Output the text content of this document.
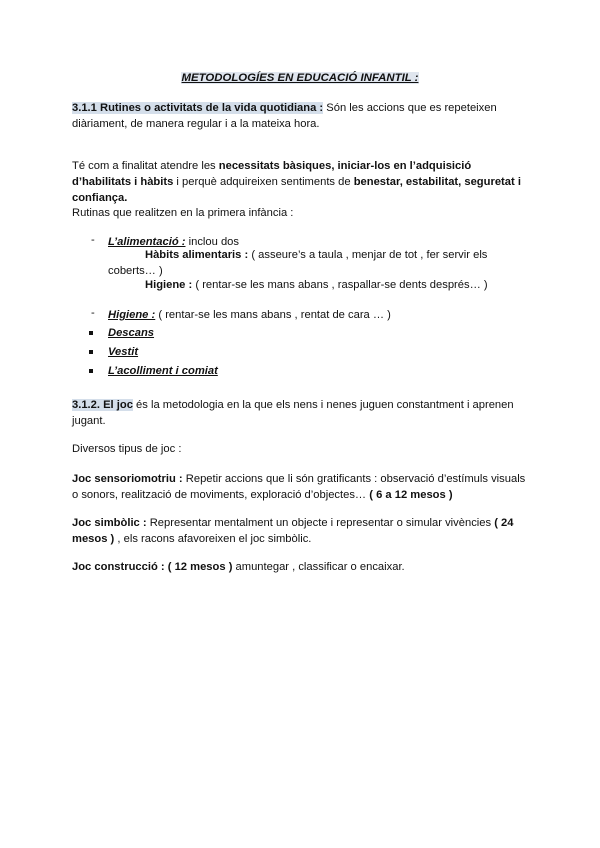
METODOLOGÍES EN EDUCACIÓ INFANTIL :
3.1.1 Rutines o activitats de la vida quotidiana : Són les accions que es repeteixen
diàriament, de manera regular i a la mateixa hora.
Té com a finalitat atendre les necessitats bàsiques, iniciar-los en l’adquisició
d’habilitats i hàbits i perquè adquireixen sentiments de benestar, estabilitat, seguretat i
confiança.
Rutinas que realitzen en la primera infància :
- L’alimentació : inclou dos
Hàbits alimentaris : ( asseure’s a taula , menjar de tot , fer servir els
coberts… )
Higiene : ( rentar-se les mans abans , raspallar-se dents després… )
- Higiene : ( rentar-se les mans abans , rentat de cara … )
Descans
Vestit
L’acolliment i comiat
3.1.2. El joc és la metodologia en la que els nens i nenes juguen constantment i aprenen
jugant.
Diversos tipus de joc :
Joc sensoriomotriu : Repetir accions que li són gratificants : observació d’estímuls visuals
o sonors, realització de moviments, exploració d’objectes… ( 6 a 12 mesos )
Joc simbòlic : Representar mentalment un objecte i representar o simular vivències ( 24
mesos ) , els racons afavoreixen el joc simbòlic.
Joc construcció : ( 12 mesos ) amuntegar , classificar o encaixar.
